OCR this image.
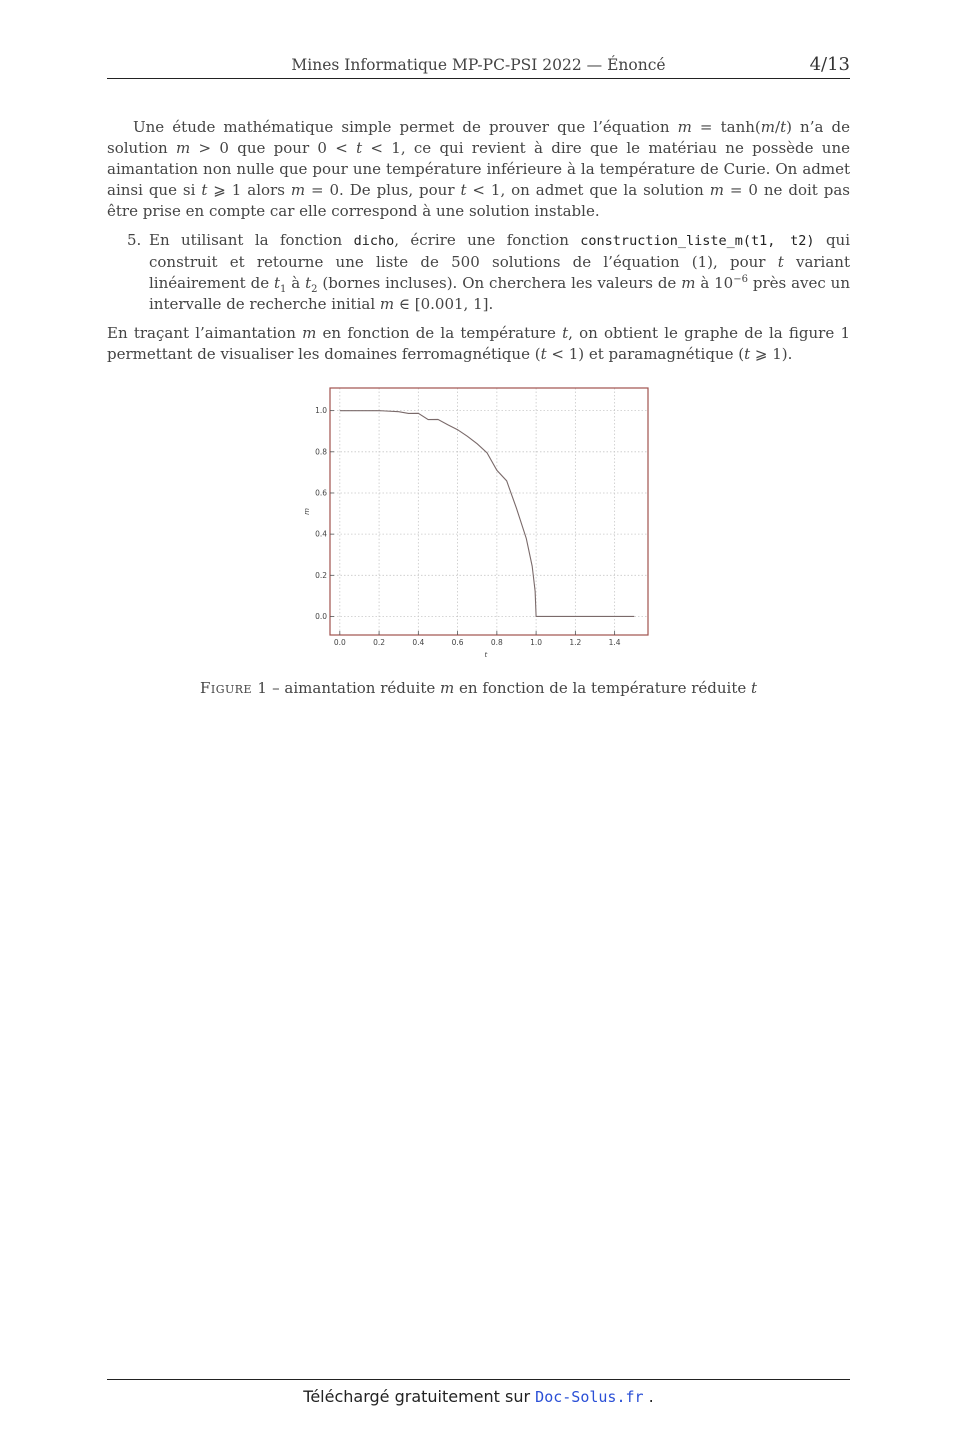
Mines Informatique MP-PC-PSI 2022 — Énoncé	4/13
Une étude mathématique simple permet de prouver que l’équation m = tanh(m/t) n’a de solution m > 0 que pour 0 < t < 1, ce qui revient à dire que le matériau ne possède une aimantation non nulle que pour une température inférieure à la température de Curie. On admet ainsi que si t ⩾ 1 alors m = 0. De plus, pour t < 1, on admet que la solution m = 0 ne doit pas être prise en compte car elle correspond à une solution instable.
5. En utilisant la fonction dicho, écrire une fonction construction_liste_m(t1, t2) qui construit et retourne une liste de 500 solutions de l’équation (1), pour t variant linéairement de $t_1$ à $t_2$ (bornes incluses). On cherchera les valeurs de m à $10^{-6}$ près avec un intervalle de recherche initial m ∈ [0.001, 1].
En traçant l’aimantation m en fonction de la température t, on obtient le graphe de la figure 1 permettant de visualiser les domaines ferromagnétique (t < 1) et paramagnétique (t ⩾ 1).
0.0	0.2	0.4	0.6	0.8	1.0	1.2	1.4
0.0
0.2
0.4
0.6
0.8
1.0
t
m
Figure 1 – aimantation réduite m en fonction de la température réduite t
Téléchargé gratuitement sur Doc-Solus.fr .
